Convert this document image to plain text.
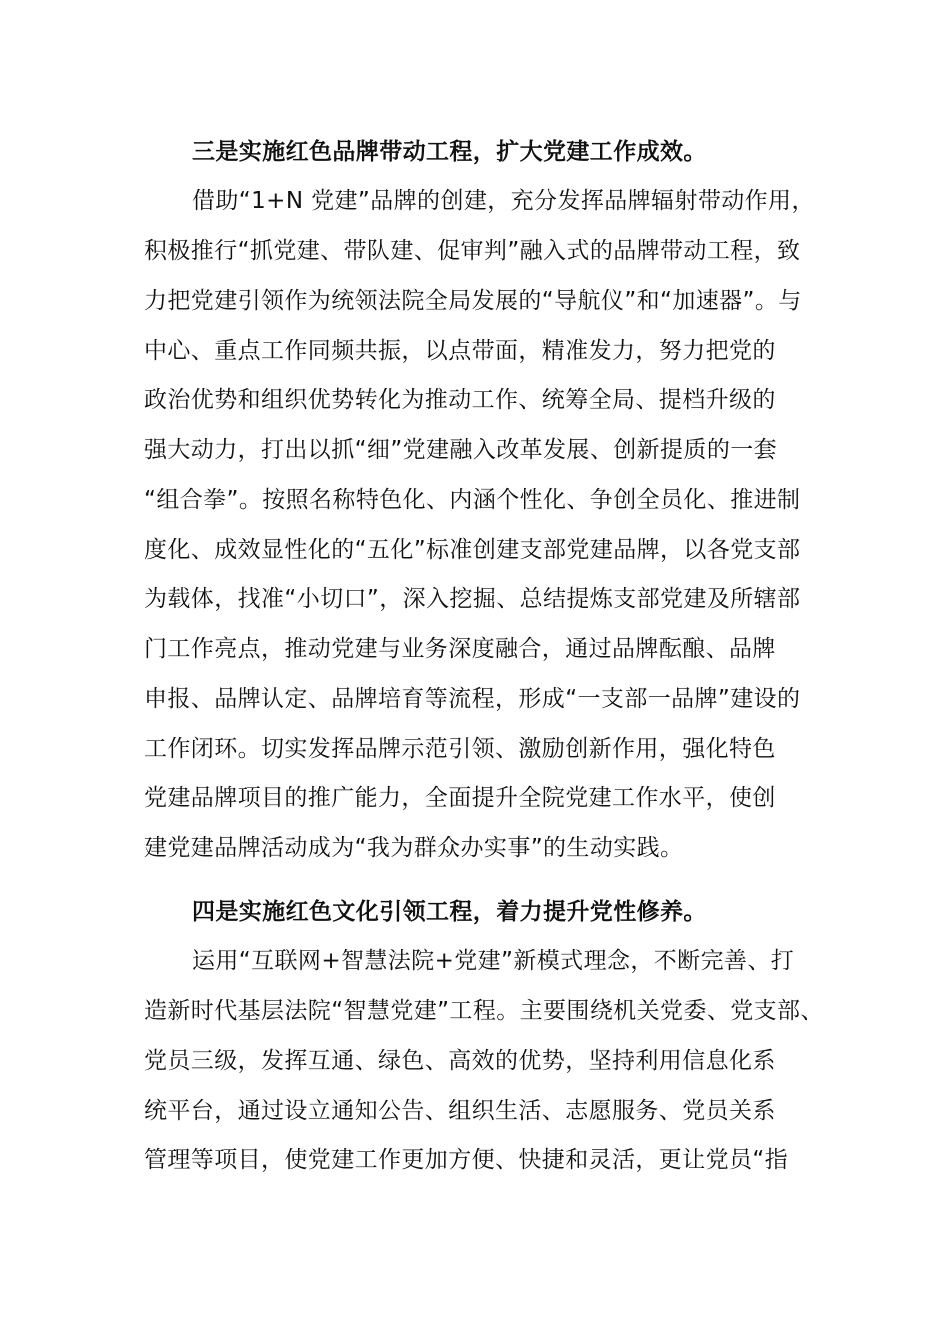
三是实施红色品牌带动工程，扩大党建工作成效。
借助“1+N 党建”品牌的创建，充分发挥品牌辐射带动作用，
积极推行“抓党建、带队建、促审判”融入式的品牌带动工程，致
力把党建引领作为统领法院全局发展的“导航仪”和“加速器”。与
中心、重点工作同频共振，以点带面，精准发力，努力把党的
政治优势和组织优势转化为推动工作、统筹全局、提档升级的
强大动力，打出以抓“细”党建融入改革发展、创新提质的一套
“组合拳”。按照名称特色化、内涵个性化、争创全员化、推进制
度化、成效显性化的“五化”标准创建支部党建品牌，以各党支部
为载体，找准“小切口”，深入挖掘、总结提炼支部党建及所辖部
门工作亮点，推动党建与业务深度融合，通过品牌酝酿、品牌
申报、品牌认定、品牌培育等流程，形成“一支部一品牌”建设的
工作闭环。切实发挥品牌示范引领、激励创新作用，强化特色
党建品牌项目的推广能力，全面提升全院党建工作水平，使创
建党建品牌活动成为“我为群众办实事”的生动实践。
四是实施红色文化引领工程，着力提升党性修养。
运用“互联网+智慧法院+党建”新模式理念，不断完善、打
造新时代基层法院“智慧党建”工程。主要围绕机关党委、党支部、
党员三级，发挥互通、绿色、高效的优势，坚持利用信息化系
统平台，通过设立通知公告、组织生活、志愿服务、党员关系
管理等项目，使党建工作更加方便、快捷和灵活，更让党员“指
